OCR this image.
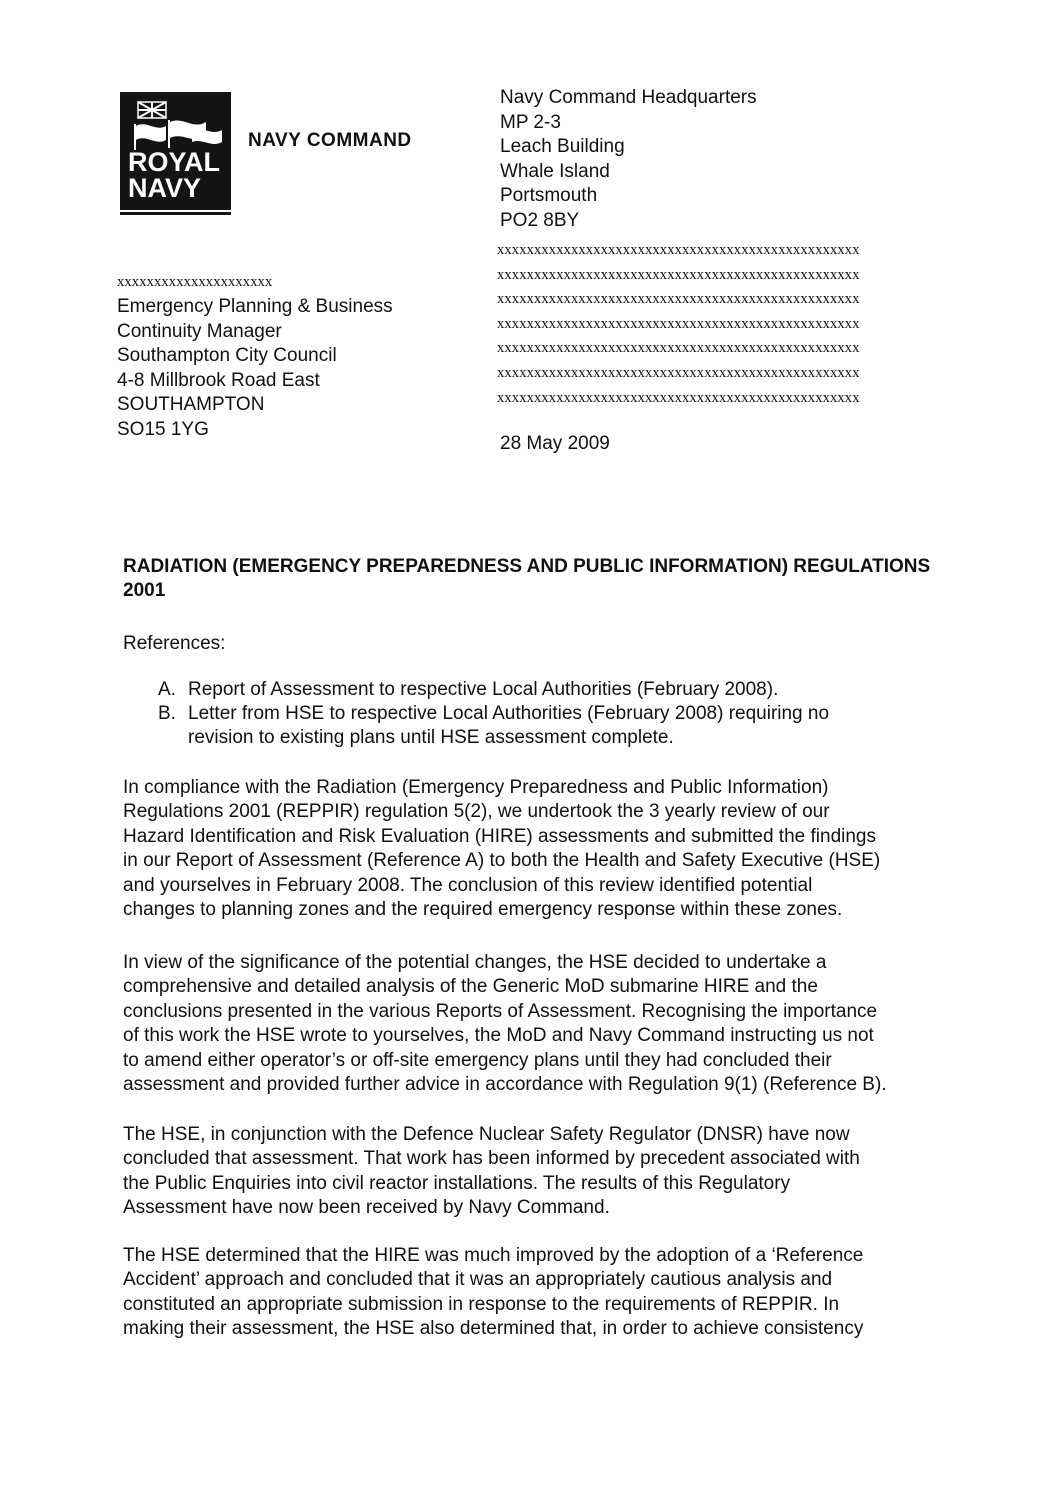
ROYAL
NAVY
NAVY COMMAND
Navy Command Headquarters
MP 2-3
Leach Building
Whale Island
Portsmouth
PO2 8BY
xxxxxxxxxxxxxxxxxxxxxxxxxxxxxxxxxxxxxxxxxxxxxxxxx
xxxxxxxxxxxxxxxxxxxxxxxxxxxxxxxxxxxxxxxxxxxxxxxxx
xxxxxxxxxxxxxxxxxxxxxxxxxxxxxxxxxxxxxxxxxxxxxxxxx
xxxxxxxxxxxxxxxxxxxxxxxxxxxxxxxxxxxxxxxxxxxxxxxxx
xxxxxxxxxxxxxxxxxxxxxxxxxxxxxxxxxxxxxxxxxxxxxxxxx
xxxxxxxxxxxxxxxxxxxxxxxxxxxxxxxxxxxxxxxxxxxxxxxxx
xxxxxxxxxxxxxxxxxxxxxxxxxxxxxxxxxxxxxxxxxxxxxxxxx
xxxxxxxxxxxxxxxxxxxxx
Emergency Planning & Business
Continuity Manager
Southampton City Council
4-8 Millbrook Road East
SOUTHAMPTON
SO15 1YG
28 May 2009
RADIATION (EMERGENCY PREPAREDNESS AND PUBLIC INFORMATION) REGULATIONS 2001
References:
A. Report of Assessment to respective Local Authorities (February 2008).
B. Letter from HSE to respective Local Authorities (February 2008) requiring no
revision to existing plans until HSE assessment complete.
In compliance with the Radiation (Emergency Preparedness and Public Information)
Regulations 2001 (REPPIR) regulation 5(2), we undertook the 3 yearly review of our
Hazard Identification and Risk Evaluation (HIRE) assessments and submitted the findings
in our Report of Assessment (Reference A) to both the Health and Safety Executive (HSE)
and yourselves in February 2008. The conclusion of this review identified potential
changes to planning zones and the required emergency response within these zones.
In view of the significance of the potential changes, the HSE decided to undertake a
comprehensive and detailed analysis of the Generic MoD submarine HIRE and the
conclusions presented in the various Reports of Assessment. Recognising the importance
of this work the HSE wrote to yourselves, the MoD and Navy Command instructing us not
to amend either operator’s or off-site emergency plans until they had concluded their
assessment and provided further advice in accordance with Regulation 9(1) (Reference B).
The HSE, in conjunction with the Defence Nuclear Safety Regulator (DNSR) have now
concluded that assessment. That work has been informed by precedent associated with
the Public Enquiries into civil reactor installations. The results of this Regulatory
Assessment have now been received by Navy Command.
The HSE determined that the HIRE was much improved by the adoption of a ‘Reference
Accident’ approach and concluded that it was an appropriately cautious analysis and
constituted an appropriate submission in response to the requirements of REPPIR. In
making their assessment, the HSE also determined that, in order to achieve consistency
